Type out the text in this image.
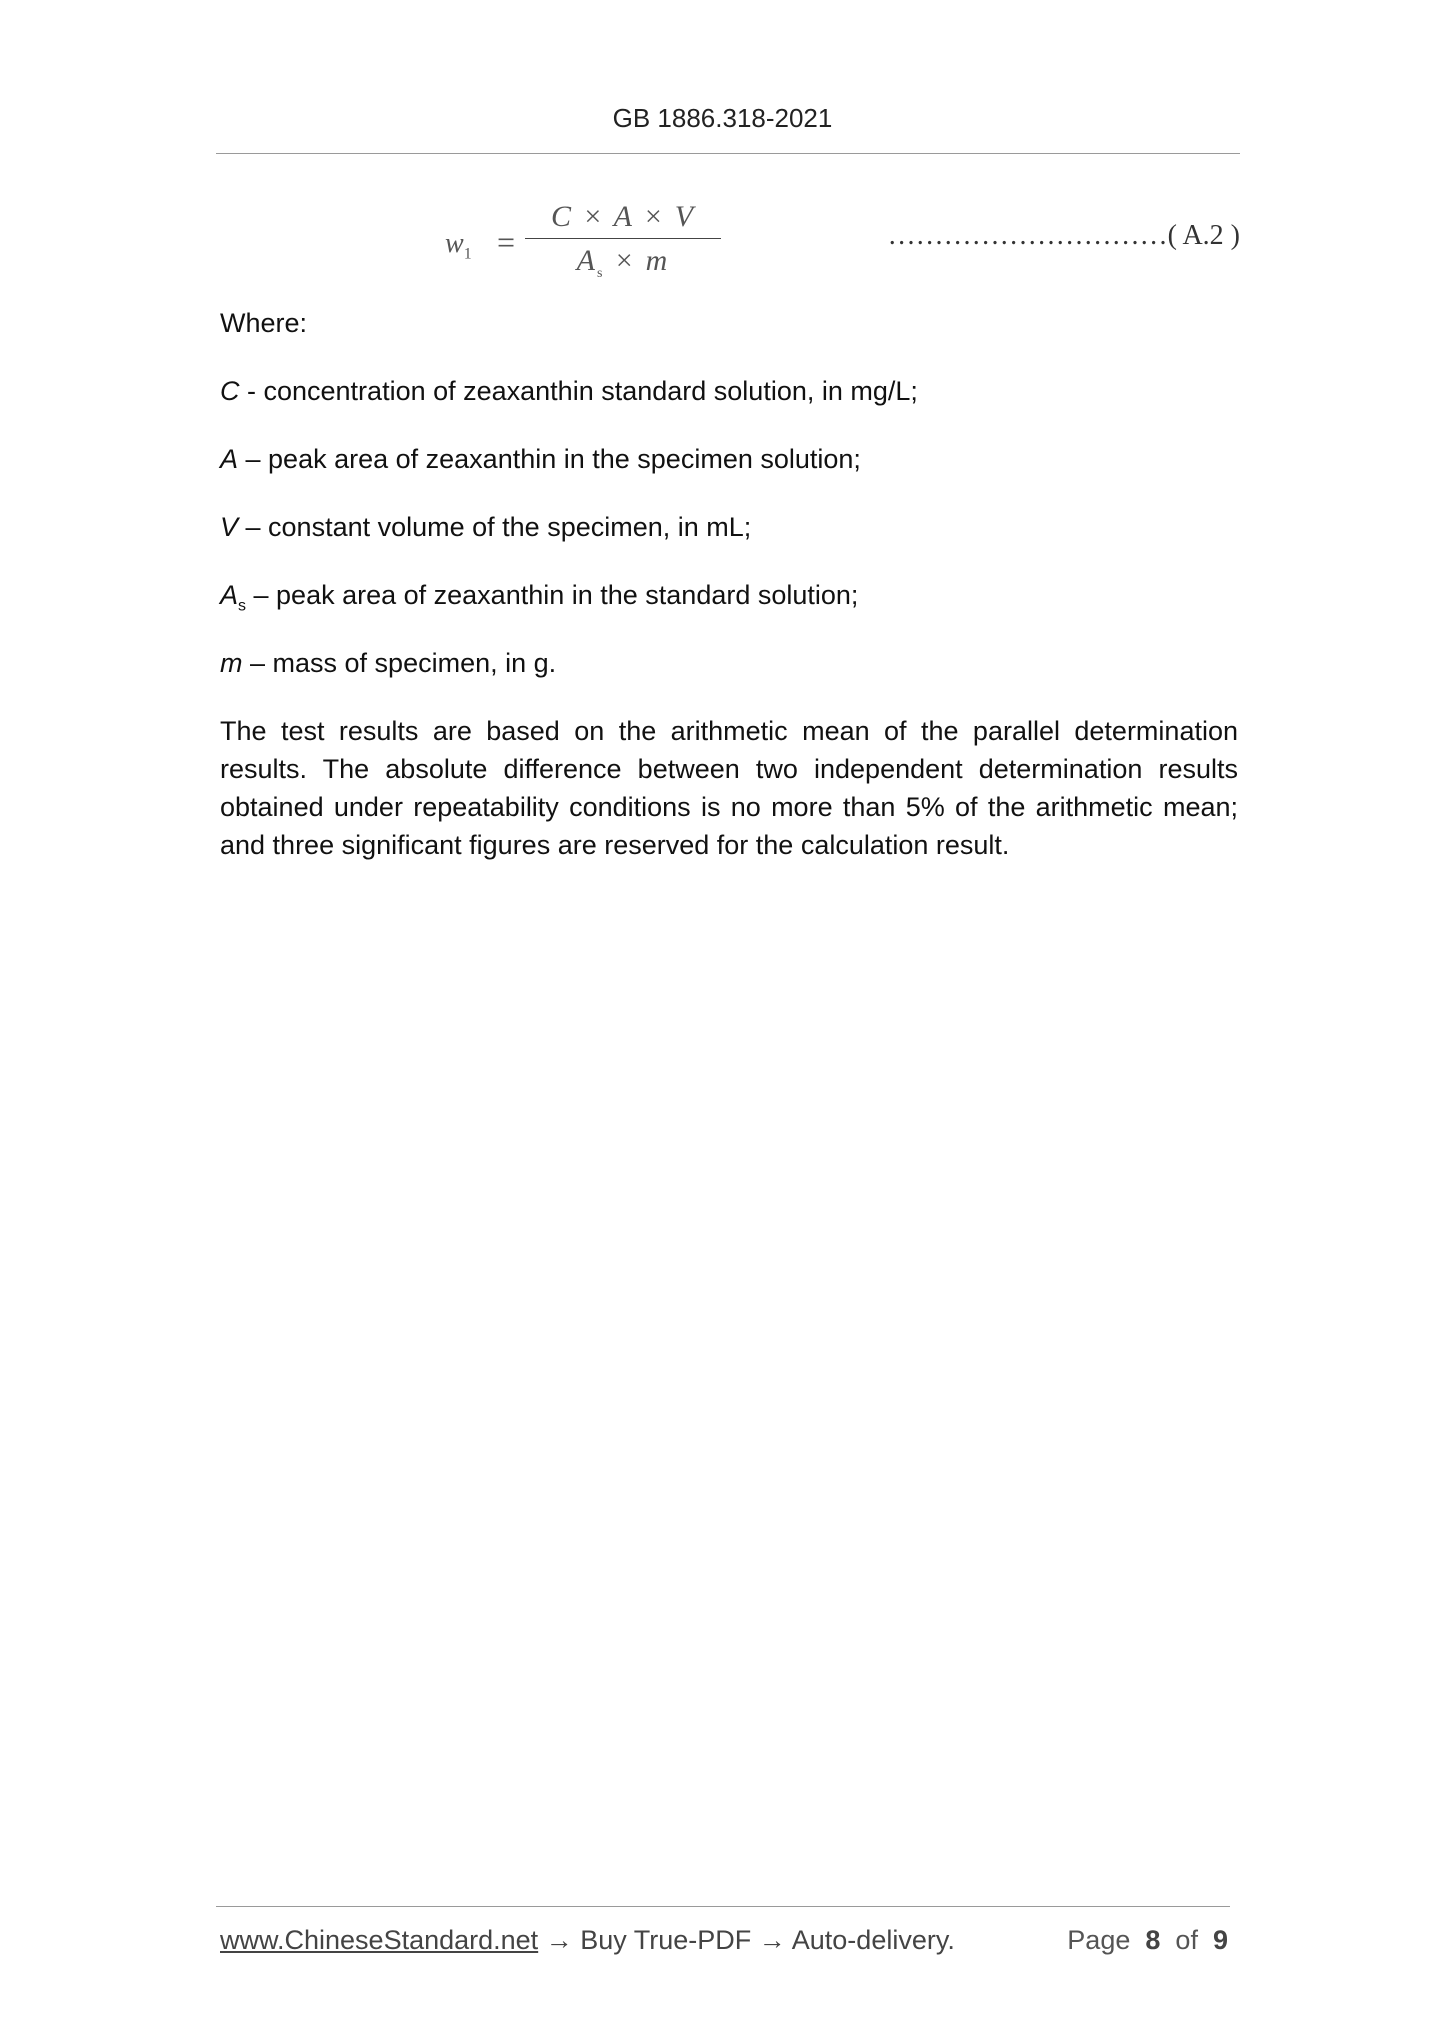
GB 1886.318-2021
$w_1$ =
C × A × V
$A_s \times m$
…………………………( A.2 )
Where:
C - concentration of zeaxanthin standard solution, in mg/L;
A – peak area of zeaxanthin in the specimen solution;
V – constant volume of the specimen, in mL;
$A_s$ – peak area of zeaxanthin in the standard solution;
m – mass of specimen, in g.
The test results are based on the arithmetic mean of the parallel determination results. The absolute difference between two independent determination results obtained under repeatability conditions is no more than 5% of the arithmetic mean; and three significant figures are reserved for the calculation result.
www.ChineseStandard.net → Buy True-PDF → Auto-delivery.	Page 8 of 9
